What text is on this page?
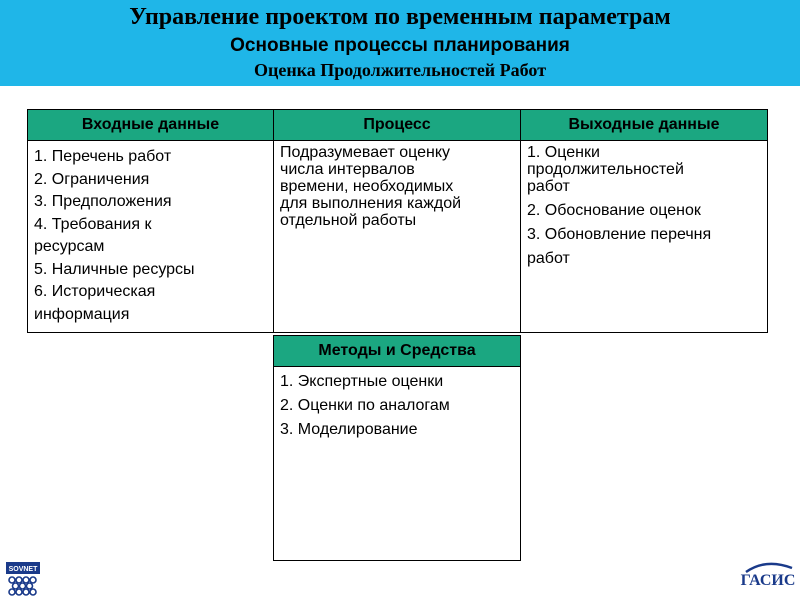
Управление проектом по временным параметрам
Основные процессы планирования
Оценка Продолжительностей Работ
Входные данные	Процесс	Выходные данные
1. Перечень работ
2. Ограничения
3. Предположения
4. Требования к
ресурсам
5. Наличные ресурсы
6. Историческая
информация
Подразумевает оценку
числа интервалов
времени, необходимых
для выполнения каждой
отдельной работы
1. Оценки
продолжительностей
работ
2. Обоснование оценок
3. Обоновление перечня
работ
Методы и Средства
1. Экспертные оценки
2. Оценки по аналогам
3. Моделирование
SOVNET
ГАСИС
